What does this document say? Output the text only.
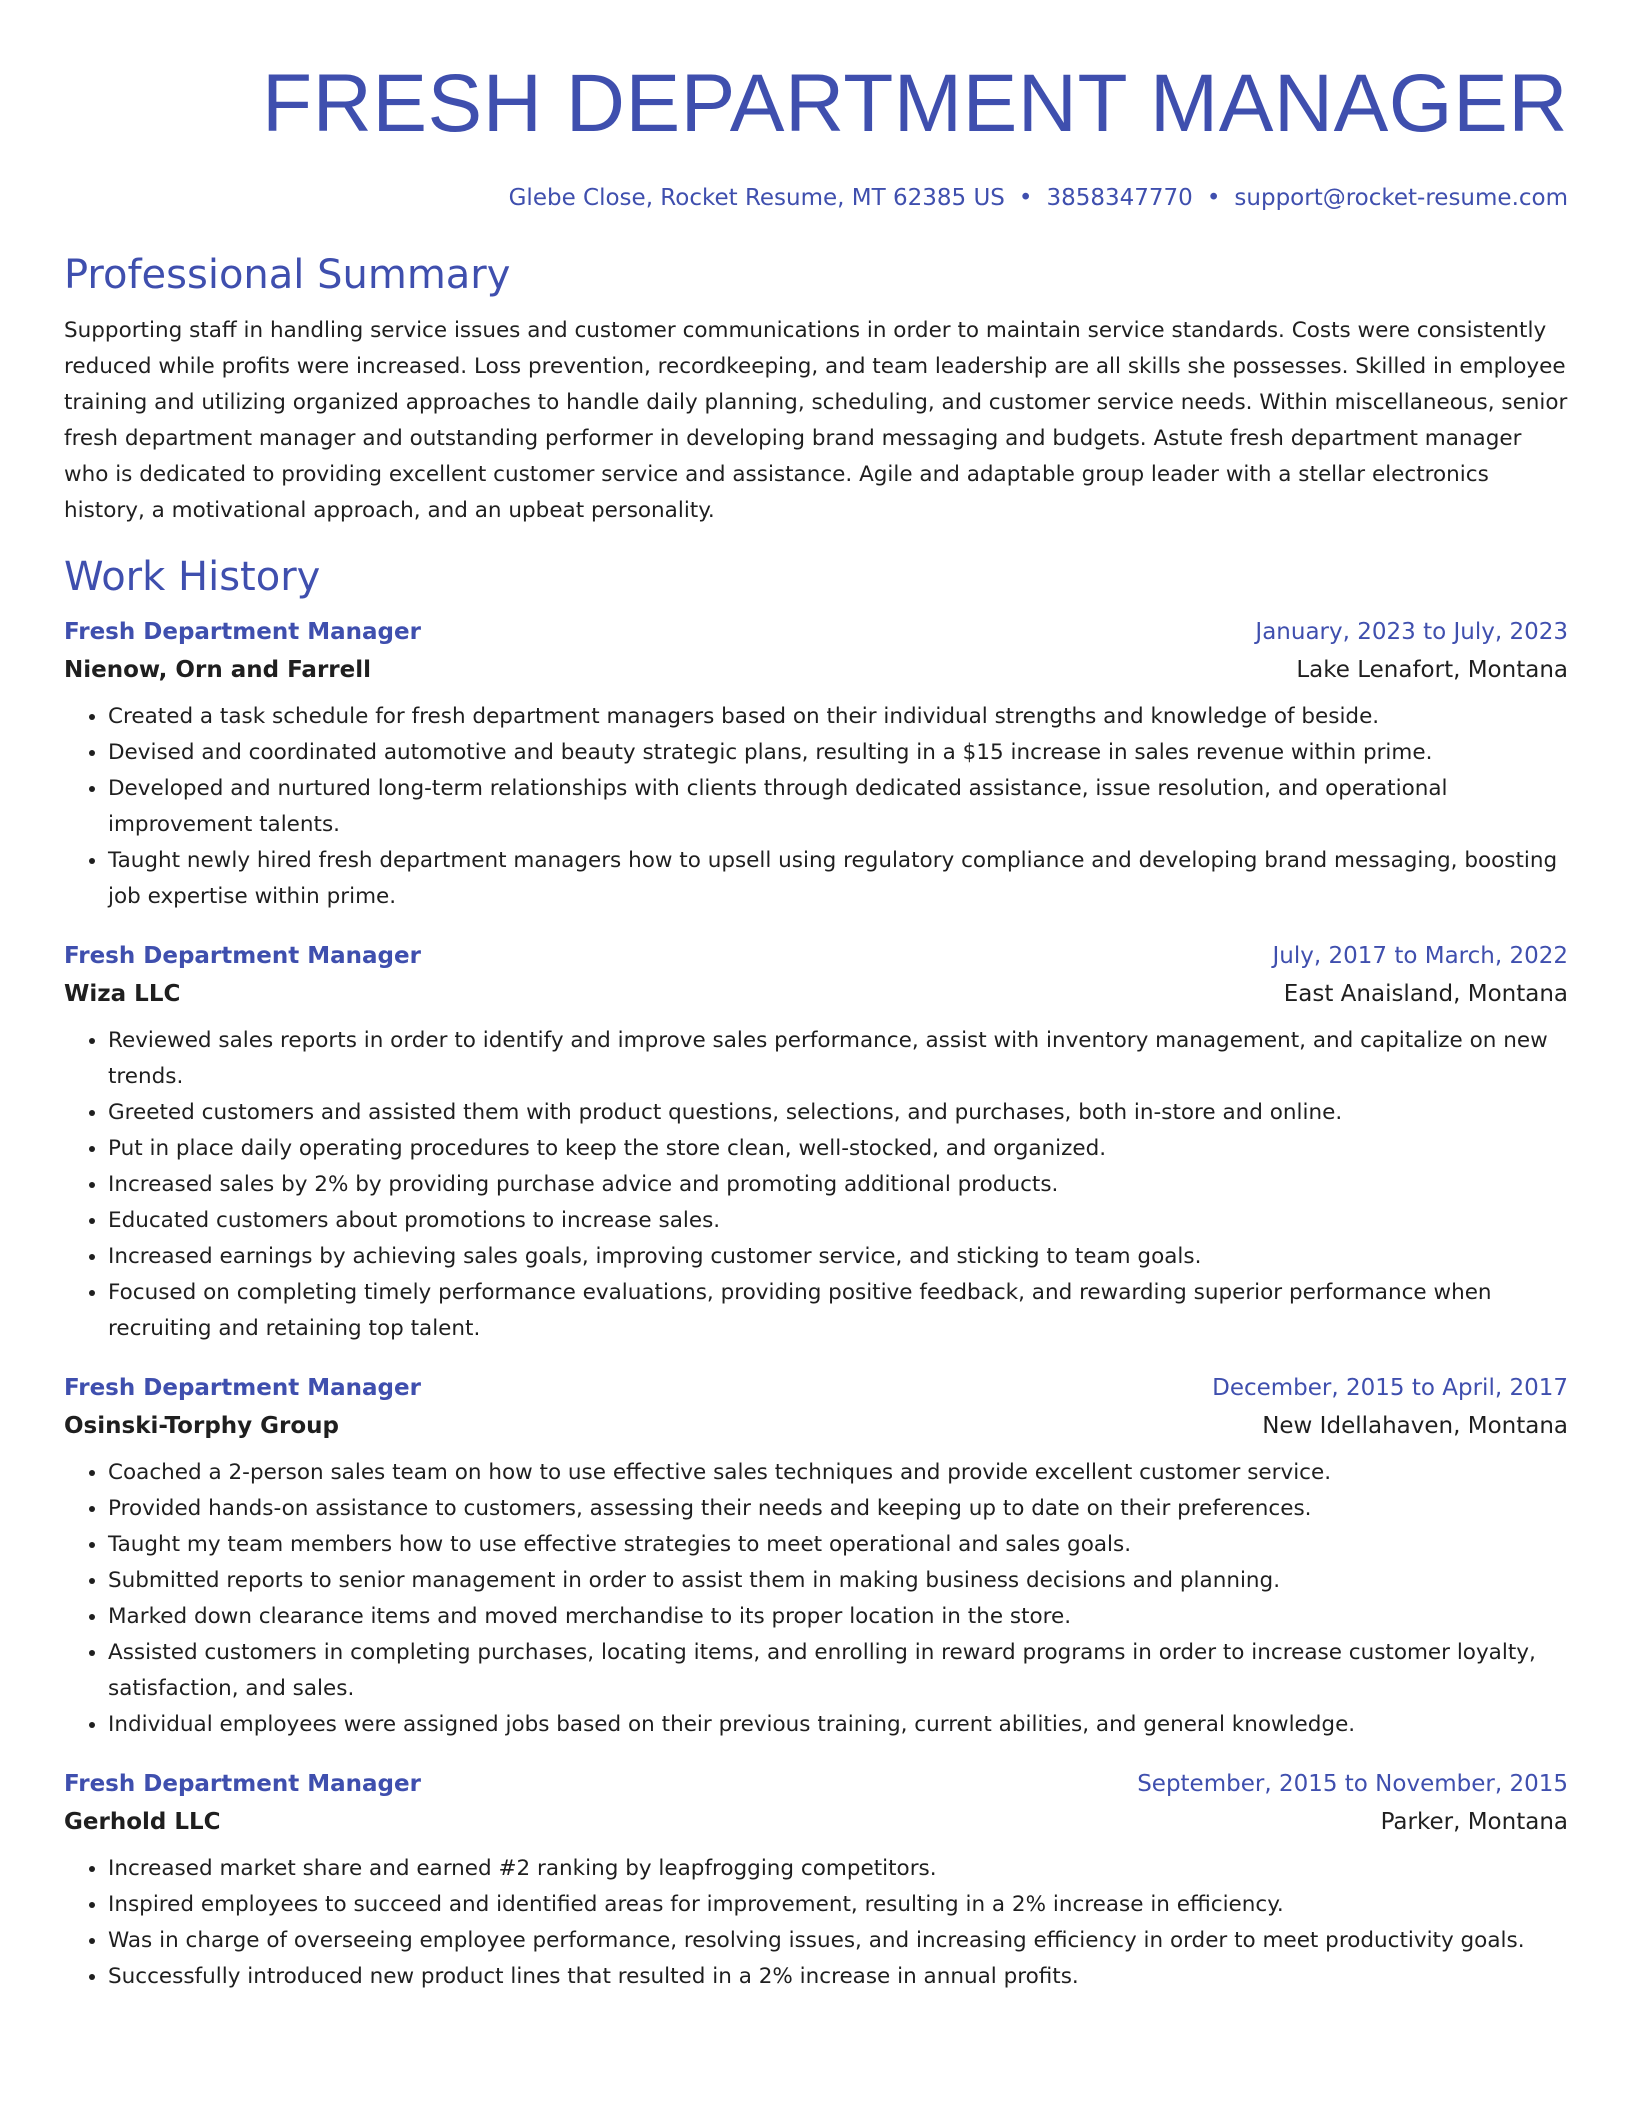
FRESH DEPARTMENT MANAGER
Glebe Close, Rocket Resume, MT 62385 US • 3858347770 • support@rocket-resume.com
Professional Summary
Supporting staff in handling service issues and customer communications in order to maintain service standards. Costs were consistently reduced while profits were increased. Loss prevention, recordkeeping, and team leadership are all skills she possesses. Skilled in employee training and utilizing organized approaches to handle daily planning, scheduling, and customer service needs. Within miscellaneous, senior fresh department manager and outstanding performer in developing brand messaging and budgets. Astute fresh department manager who is dedicated to providing excellent customer service and assistance. Agile and adaptable group leader with a stellar electronics history, a motivational approach, and an upbeat personality.
Work History
Fresh Department Manager	January, 2023 to July, 2023
Nienow, Orn and Farrell	Lake Lenafort, Montana
• Created a task schedule for fresh department managers based on their individual strengths and knowledge of beside.
• Devised and coordinated automotive and beauty strategic plans, resulting in a $15 increase in sales revenue within prime.
• Developed and nurtured long-term relationships with clients through dedicated assistance, issue resolution, and operational improvement talents.
• Taught newly hired fresh department managers how to upsell using regulatory compliance and developing brand messaging, boosting job expertise within prime.
Fresh Department Manager	July, 2017 to March, 2022
Wiza LLC	East Anaisland, Montana
• Reviewed sales reports in order to identify and improve sales performance, assist with inventory management, and capitalize on new trends.
• Greeted customers and assisted them with product questions, selections, and purchases, both in-store and online.
• Put in place daily operating procedures to keep the store clean, well-stocked, and organized.
• Increased sales by 2% by providing purchase advice and promoting additional products.
• Educated customers about promotions to increase sales.
• Increased earnings by achieving sales goals, improving customer service, and sticking to team goals.
• Focused on completing timely performance evaluations, providing positive feedback, and rewarding superior performance when recruiting and retaining top talent.
Fresh Department Manager	December, 2015 to April, 2017
Osinski-Torphy Group	New Idellahaven, Montana
• Coached a 2-person sales team on how to use effective sales techniques and provide excellent customer service.
• Provided hands-on assistance to customers, assessing their needs and keeping up to date on their preferences.
• Taught my team members how to use effective strategies to meet operational and sales goals.
• Submitted reports to senior management in order to assist them in making business decisions and planning.
• Marked down clearance items and moved merchandise to its proper location in the store.
• Assisted customers in completing purchases, locating items, and enrolling in reward programs in order to increase customer loyalty, satisfaction, and sales.
• Individual employees were assigned jobs based on their previous training, current abilities, and general knowledge.
Fresh Department Manager	September, 2015 to November, 2015
Gerhold LLC	Parker, Montana
• Increased market share and earned #2 ranking by leapfrogging competitors.
• Inspired employees to succeed and identified areas for improvement, resulting in a 2% increase in efficiency.
• Was in charge of overseeing employee performance, resolving issues, and increasing efficiency in order to meet productivity goals.
• Successfully introduced new product lines that resulted in a 2% increase in annual profits.
